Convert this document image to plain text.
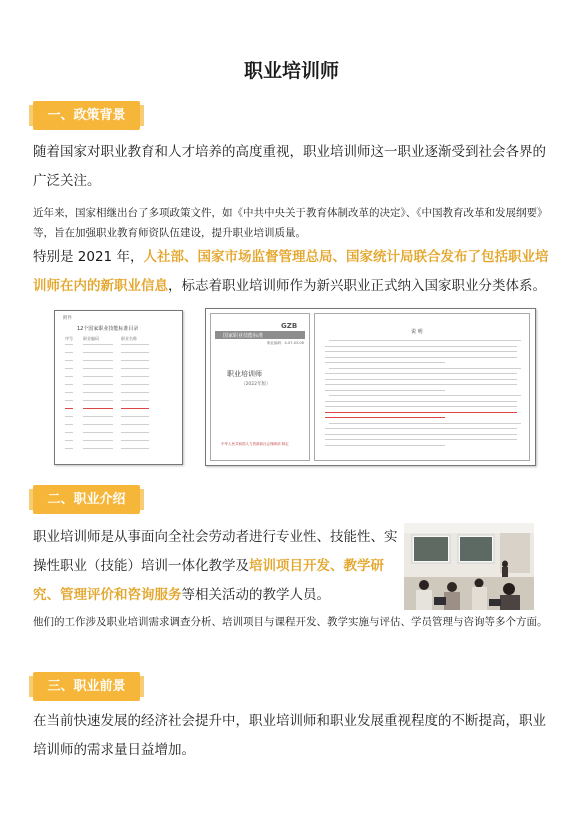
职业培训师
一、政策背景

随着国家对职业教育和人才培养的高度重视，职业培训师这一职业逐渐受到社会各界的广泛关注。

近年来，国家相继出台了多项政策文件，如《中共中央关于教育体制改革的决定》、《中国教育改革和发展纲要》等，旨在加强职业教育师资队伍建设，提升职业培训质量。

特别是 2021 年，人社部、国家市场监督管理总局、国家统计局联合发布了包括职业培训师在内的新职业信息，标志着职业培训师作为新兴职业正式纳入国家职业分类体系。

附件
12个国家职业技能标准目录
序号	职业编码	职业名称
GZB
国家职业技能标准
职业编码：4-07-03-06
职业培训师
（2022年版）
中华人民共和国人力资源和社会保障部 制定
说 明
二、职业介绍

职业培训师是从事面向全社会劳动者进行专业性、技能性、实操性职业（技能）培训一体化教学及培训项目开发、教学研究、管理评价和咨询服务等相关活动的教学人员。

他们的工作涉及职业培训需求调查分析、培训项目与课程开发、教学实施与评估、学员管理与咨询等多个方面。

三、职业前景

在当前快速发展的经济社会提升中，职业培训师和职业发展重视程度的不断提高，职业培训师的需求量日益增加。
